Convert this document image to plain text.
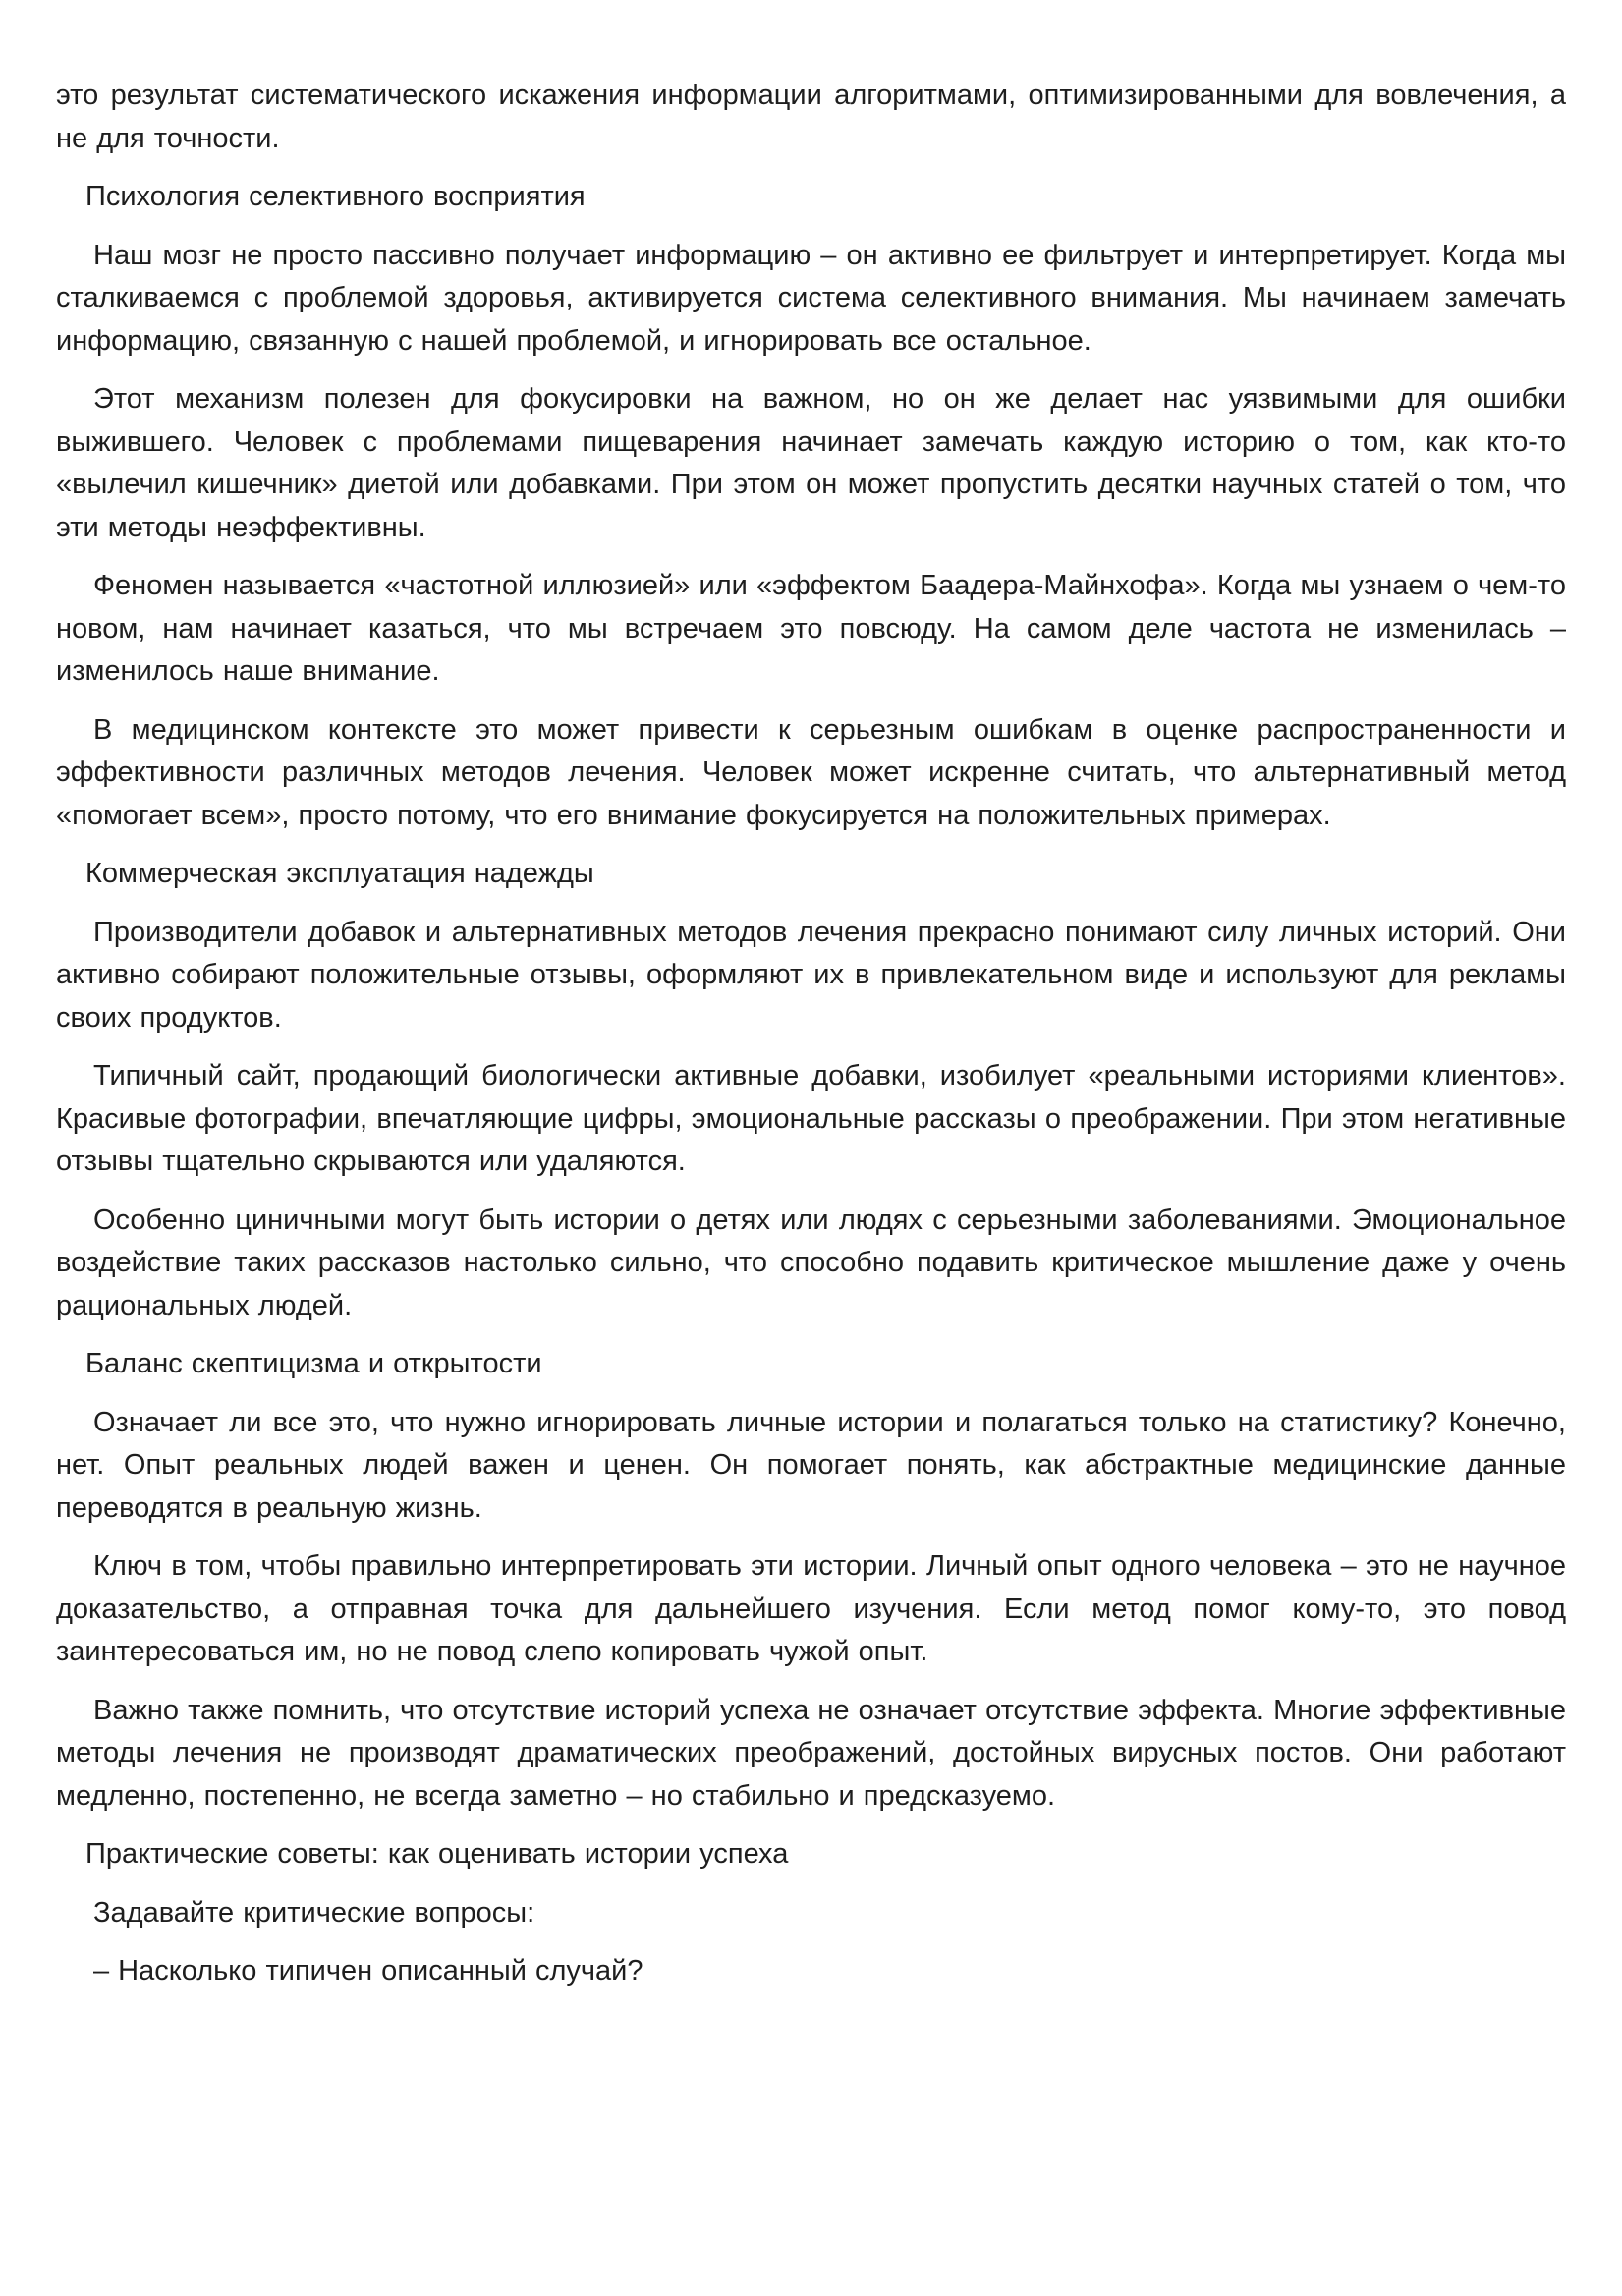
это результат систематического искажения информации алгоритмами, оптимизированными для вовлечения, а не для точности.

Психология селективного восприятия

Наш мозг не просто пассивно получает информацию – он активно ее фильтрует и интерпретирует. Когда мы сталкиваемся с проблемой здоровья, активируется система селективного внимания. Мы начинаем замечать информацию, связанную с нашей проблемой, и игнорировать все остальное.

Этот механизм полезен для фокусировки на важном, но он же делает нас уязвимыми для ошибки выжившего. Человек с проблемами пищеварения начинает замечать каждую историю о том, как кто-то «вылечил кишечник» диетой или добавками. При этом он может пропустить десятки научных статей о том, что эти методы неэффективны.

Феномен называется «частотной иллюзией» или «эффектом Баадера-Майнхофа». Когда мы узнаем о чем-то новом, нам начинает казаться, что мы встречаем это повсюду. На самом деле частота не изменилась – изменилось наше внимание.

В медицинском контексте это может привести к серьезным ошибкам в оценке распространенности и эффективности различных методов лечения. Человек может искренне считать, что альтернативный метод «помогает всем», просто потому, что его внимание фокусируется на положительных примерах.

Коммерческая эксплуатация надежды

Производители добавок и альтернативных методов лечения прекрасно понимают силу личных историй. Они активно собирают положительные отзывы, оформляют их в привлекательном виде и используют для рекламы своих продуктов.

Типичный сайт, продающий биологически активные добавки, изобилует «реальными историями клиентов». Красивые фотографии, впечатляющие цифры, эмоциональные рассказы о преображении. При этом негативные отзывы тщательно скрываются или удаляются.

Особенно циничными могут быть истории о детях или людях с серьезными заболеваниями. Эмоциональное воздействие таких рассказов настолько сильно, что способно подавить критическое мышление даже у очень рациональных людей.

Баланс скептицизма и открытости

Означает ли все это, что нужно игнорировать личные истории и полагаться только на статистику? Конечно, нет. Опыт реальных людей важен и ценен. Он помогает понять, как абстрактные медицинские данные переводятся в реальную жизнь.

Ключ в том, чтобы правильно интерпретировать эти истории. Личный опыт одного человека – это не научное доказательство, а отправная точка для дальнейшего изучения. Если метод помог кому-то, это повод заинтересоваться им, но не повод слепо копировать чужой опыт.

Важно также помнить, что отсутствие историй успеха не означает отсутствие эффекта. Многие эффективные методы лечения не производят драматических преображений, достойных вирусных постов. Они работают медленно, постепенно, не всегда заметно – но стабильно и предсказуемо.

Практические советы: как оценивать истории успеха

Задавайте критические вопросы:

– Насколько типичен описанный случай?
